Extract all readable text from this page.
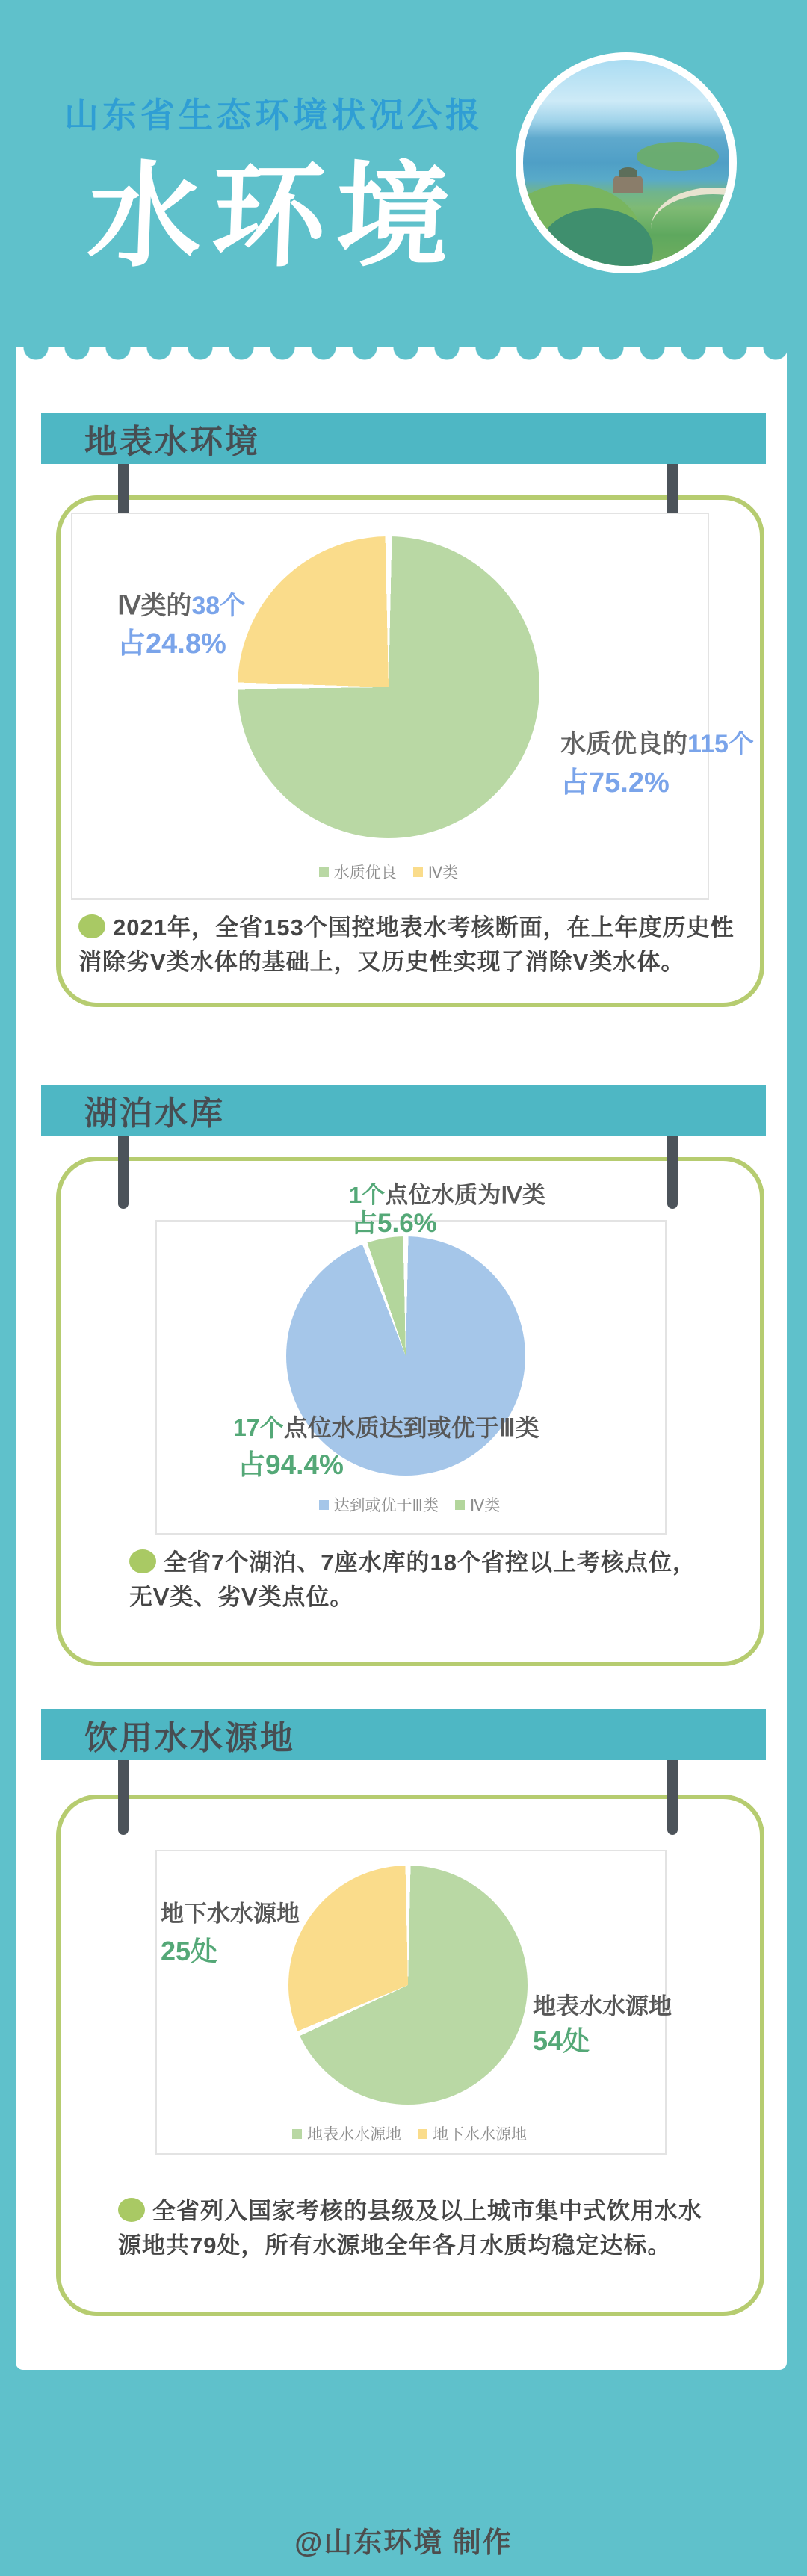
山东省生态环境状况公报
水环境
地表水环境
Ⅳ类的38个
占24.8%
水质优良的115个
占75.2%
水质优良 Ⅳ类
2021年，全省153个国控地表水考核断面，在上年度历史性消除劣V类水体的基础上，又历史性实现了消除V类水体。
湖泊水库
1个点位水质为Ⅳ类
占5.6%
17个点位水质达到或优于Ⅲ类
占94.4%
达到或优于Ⅲ类 Ⅳ类
全省7个湖泊、7座水库的18个省控以上考核点位，无Ⅴ类、劣Ⅴ类点位。
饮用水水源地
地下水水源地
25处
地表水水源地
54处
地表水水源地 地下水水源地
全省列入国家考核的县级及以上城市集中式饮用水水源地共79处，所有水源地全年各月水质均稳定达标。
@山东环境 制作
